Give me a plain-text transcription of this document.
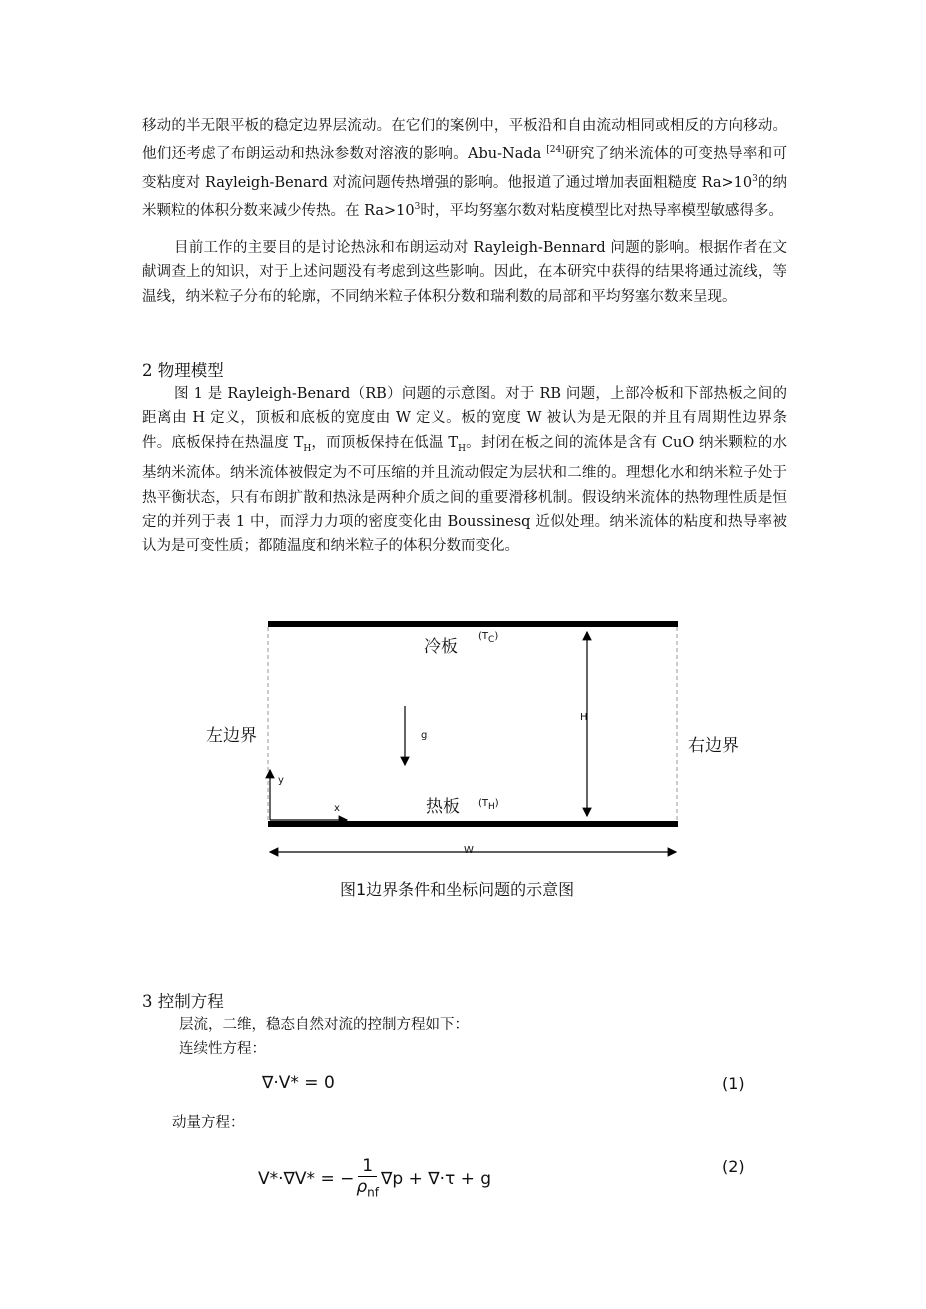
移动的半无限平板的稳定边界层流动。在它们的案例中，平板沿和自由流动相同或相反的方向移动。他们还考虑了布朗运动和热泳参数对溶液的影响。Abu-Nada [24]研究了纳米流体的可变热导率和可变粘度对 Rayleigh-Benard 对流问题传热增强的影响。他报道了通过增加表面粗糙度 $Ra>10^3$的纳米颗粒的体积分数来减少传热。在 $Ra>10^3$时，平均努塞尔数对粘度模型比对热导率模型敏感得多。
目前工作的主要目的是讨论热泳和布朗运动对 Rayleigh-Bennard 问题的影响。根据作者在文献调查上的知识，对于上述问题没有考虑到这些影响。因此，在本研究中获得的结果将通过流线，等温线，纳米粒子分布的轮廓，不同纳米粒子体积分数和瑞利数的局部和平均努塞尔数来呈现。
2 物理模型
图 1 是 Rayleigh-Benard（RB）问题的示意图。对于 RB 问题，上部冷板和下部热板之间的距离由 H 定义，顶板和底板的宽度由 W 定义。板的宽度 W 被认为是无限的并且有周期性边界条件。底板保持在热温度 $T_H$，而顶板保持在低温 $T_H$。封闭在板之间的流体是含有 CuO 纳米颗粒的水基纳米流体。纳米流体被假定为不可压缩的并且流动假定为层状和二维的。理想化水和纳米粒子处于热平衡状态，只有布朗扩散和热泳是两种介质之间的重要滑移机制。假设纳米流体的热物理性质是恒定的并列于表 1 中，而浮力力项的密度变化由 Boussinesq 近似处理。纳米流体的粘度和热导率被认为是可变性质；都随温度和纳米粒子的体积分数而变化。
冷板
$(T_C)$
热板 $(T_H)$
左边界	右边界
H
g
W
x
y
图1边界条件和坐标问题的示意图
3 控制方程
层流，二维，稳态自然对流的控制方程如下：
连续性方程：
∇·V* = 0	(1)
动量方程：
V*·∇V* = −
1
$\rho_{nf}$
∇p + ∇·τ + g
(2)
